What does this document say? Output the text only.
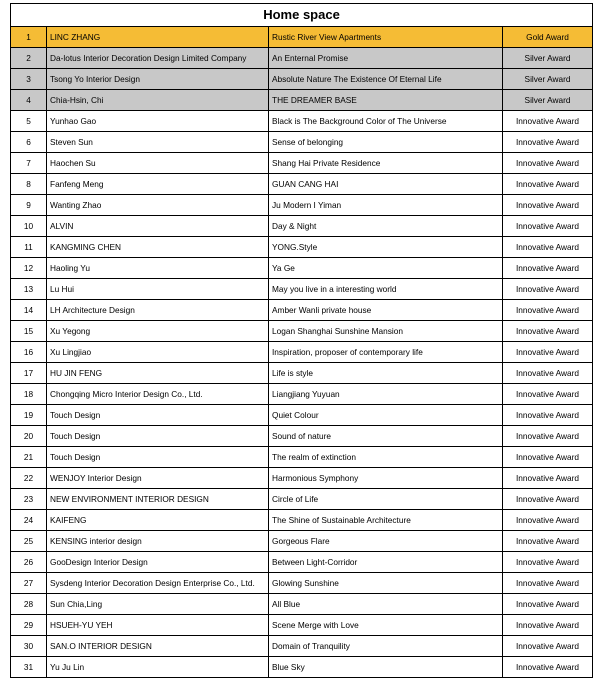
Home space			
1	LINC ZHANG	Rustic River View Apartments	Gold Award
2	Da-lotus Interior Decoration Design Limited Company	An Enternal Promise	Silver Award
3	Tsong Yo Interior Design	Absolute Nature The Existence Of Eternal Life	Silver Award
4	Chia-Hsin, Chi	THE DREAMER BASE	Silver Award
5	Yunhao Gao	Black is The Background Color of The Universe	Innovative Award
6	Steven Sun	Sense of belonging	Innovative Award
7	Haochen Su	Shang Hai Private Residence	Innovative Award
8	Fanfeng Meng	GUAN CANG HAI	Innovative Award
9	Wanting Zhao	Ju Modern I Yiman	Innovative Award
10	ALVIN	Day & Night	Innovative Award
11	KANGMING CHEN	YONG.Style	Innovative Award
12	Haoling Yu	Ya Ge	Innovative Award
13	Lu Hui	May you live in a interesting world	Innovative Award
14	LH Architecture Design	Amber Wanli private house	Innovative Award
15	Xu Yegong	Logan Shanghai Sunshine Mansion	Innovative Award
16	Xu Lingjiao	Inspiration, proposer of contemporary life	Innovative Award
17	HU JIN FENG	Life is style	Innovative Award
18	Chongqing Micro Interior Design Co., Ltd.	Liangjiang Yuyuan	Innovative Award
19	Touch Design	Quiet Colour	Innovative Award
20	Touch Design	Sound of nature	Innovative Award
21	Touch Design	The realm of extinction	Innovative Award
22	WENJOY Interior Design	Harmonious Symphony	Innovative Award
23	NEW ENVIRONMENT INTERIOR DESIGN	Circle of Life	Innovative Award
24	KAIFENG	The Shine of Sustainable Architecture	Innovative Award
25	KENSING interior design	Gorgeous Flare	Innovative Award
26	GooDesign Interior Design	Between Light-Corridor	Innovative Award
27	Sysdeng Interior Decoration Design Enterprise Co., Ltd.	Glowing Sunshine	Innovative Award
28	Sun Chia,Ling	All Blue	Innovative Award
29	HSUEH-YU YEH	Scene Merge with Love	Innovative Award
30	SAN.O INTERIOR DESIGN	Domain of Tranquility	Innovative Award
31	Yu Ju Lin	Blue Sky	Innovative Award
